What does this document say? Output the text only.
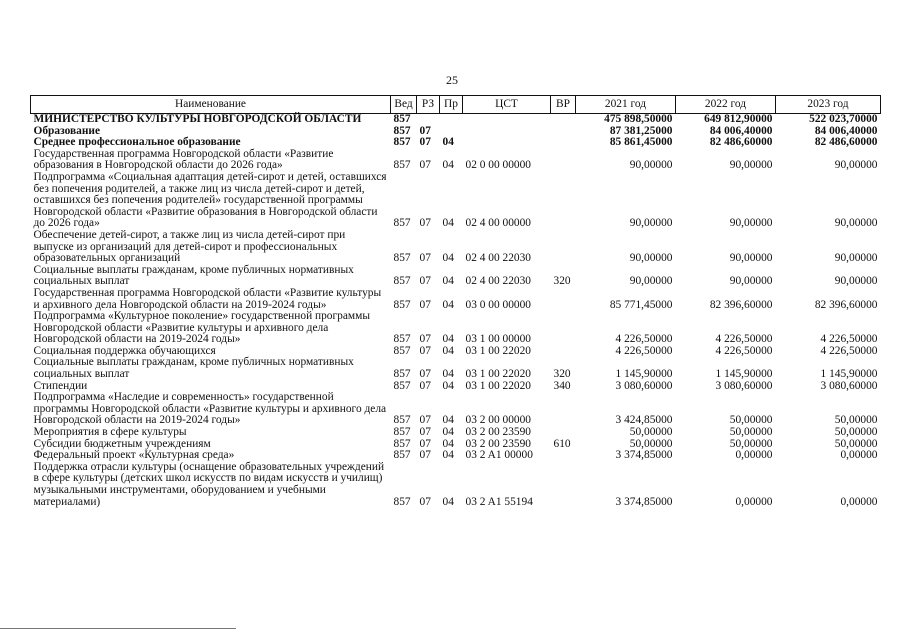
25
Наименование	Вед	РЗ	Пр	ЦСТ	ВР	2021 год	2022 год	2023 год
МИНИСТЕРСТВО КУЛЬТУРЫ НОВГОРОДСКОЙ ОБЛАСТИ	857					475 898,50000	649 812,90000	522 023,70000
Образование	857	07				87 381,25000	84 006,40000	84 006,40000
Среднее профессиональное образование	857	07	04			85 861,45000	82 486,60000	82 486,60000
Государственная программа Новгородской области «Развитие образования в Новгородской области до 2026 года»	857	07	04	02 0 00 00000		90,00000	90,00000	90,00000
Подпрограмма «Социальная адаптация детей-сирот и детей, оставшихся без попечения родителей, а также лиц из числа детей-сирот и детей, оставшихся без попечения родителей» государственной программы Новгородской области «Развитие образования в Новгородской области до 2026 года»	857	07	04	02 4 00 00000		90,00000	90,00000	90,00000
Обеспечение детей-сирот, а также лиц из числа детей-сирот при выпуске из организаций для детей-сирот и профессиональных образовательных организаций	857	07	04	02 4 00 22030		90,00000	90,00000	90,00000
Социальные выплаты гражданам, кроме публичных нормативных социальных выплат	857	07	04	02 4 00 22030	320	90,00000	90,00000	90,00000
Государственная программа Новгородской области «Развитие культуры и архивного дела Новгородской области на 2019-2024 годы»	857	07	04	03 0 00 00000		85 771,45000	82 396,60000	82 396,60000
Подпрограмма «Культурное поколение» государственной программы Новгородской области «Развитие культуры и архивного дела Новгородской области на 2019-2024 годы»	857	07	04	03 1 00 00000		4 226,50000	4 226,50000	4 226,50000
Социальная поддержка обучающихся	857	07	04	03 1 00 22020		4 226,50000	4 226,50000	4 226,50000
Социальные выплаты гражданам, кроме публичных нормативных социальных выплат	857	07	04	03 1 00 22020	320	1 145,90000	1 145,90000	1 145,90000
Стипендии	857	07	04	03 1 00 22020	340	3 080,60000	3 080,60000	3 080,60000
Подпрограмма «Наследие и современность» государственной программы Новгородской области «Развитие культуры и архивного дела Новгородской области на 2019-2024 годы»	857	07	04	03 2 00 00000		3 424,85000	50,00000	50,00000
Мероприятия в сфере культуры	857	07	04	03 2 00 23590		50,00000	50,00000	50,00000
Субсидии бюджетным учреждениям	857	07	04	03 2 00 23590	610	50,00000	50,00000	50,00000
Федеральный проект «Культурная среда»	857	07	04	03 2 A1 00000		3 374,85000	0,00000	0,00000
Поддержка отрасли культуры (оснащение образовательных учреждений в сфере культуры (детских школ искусств по видам искусств и училищ) музыкальными инструментами, оборудованием и учебными материалами)	857	07	04	03 2 A1 55194		3 374,85000	0,00000	0,00000
